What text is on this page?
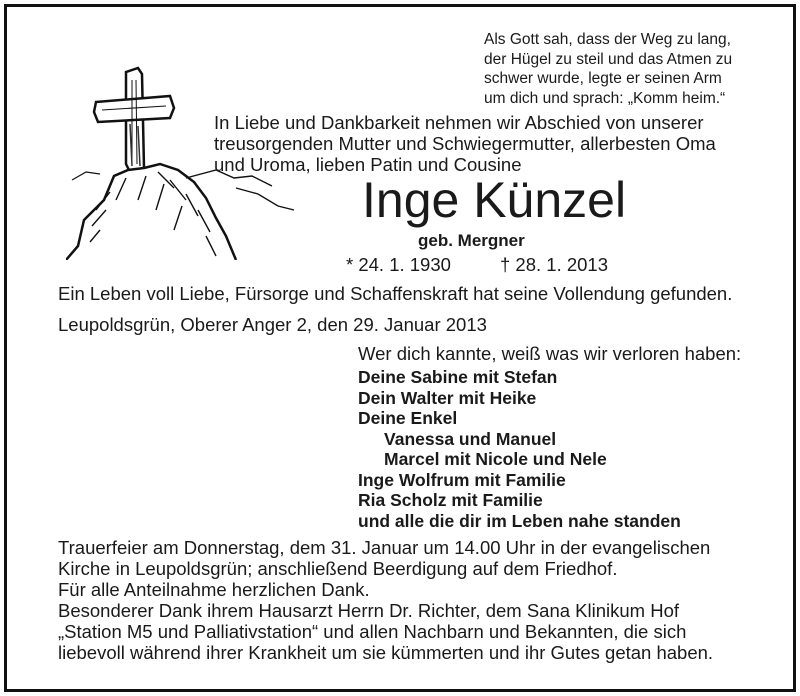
Als Gott sah, dass der Weg zu lang,
der Hügel zu steil und das Atmen zu
schwer wurde, legte er seinen Arm
um dich und sprach: „Komm heim.“
In Liebe und Dankbarkeit nehmen wir Abschied von unserer
treusorgenden Mutter und Schwiegermutter, allerbesten Oma
und Uroma, lieben Patin und Cousine
Inge Künzel
geb. Mergner
* 24. 1. 1930	† 28. 1. 2013
Ein Leben voll Liebe, Fürsorge und Schaffenskraft hat seine Vollendung gefunden.
Leupoldsgrün, Oberer Anger 2, den 29. Januar 2013
Wer dich kannte, weiß was wir verloren haben:
Deine Sabine mit Stefan
Dein Walter mit Heike
Deine Enkel
Vanessa und Manuel
Marcel mit Nicole und Nele
Inge Wolfrum mit Familie
Ria Scholz mit Familie
und alle die dir im Leben nahe standen
Trauerfeier am Donnerstag, dem 31. Januar um 14.00 Uhr in der evangelischen
Kirche in Leupoldsgrün; anschließend Beerdigung auf dem Friedhof.
Für alle Anteilnahme herzlichen Dank.
Besonderer Dank ihrem Hausarzt Herrn Dr. Richter, dem Sana Klinikum Hof
„Station M5 und Palliativstation“ und allen Nachbarn und Bekannten, die sich
liebevoll während ihrer Krankheit um sie kümmerten und ihr Gutes getan haben.
